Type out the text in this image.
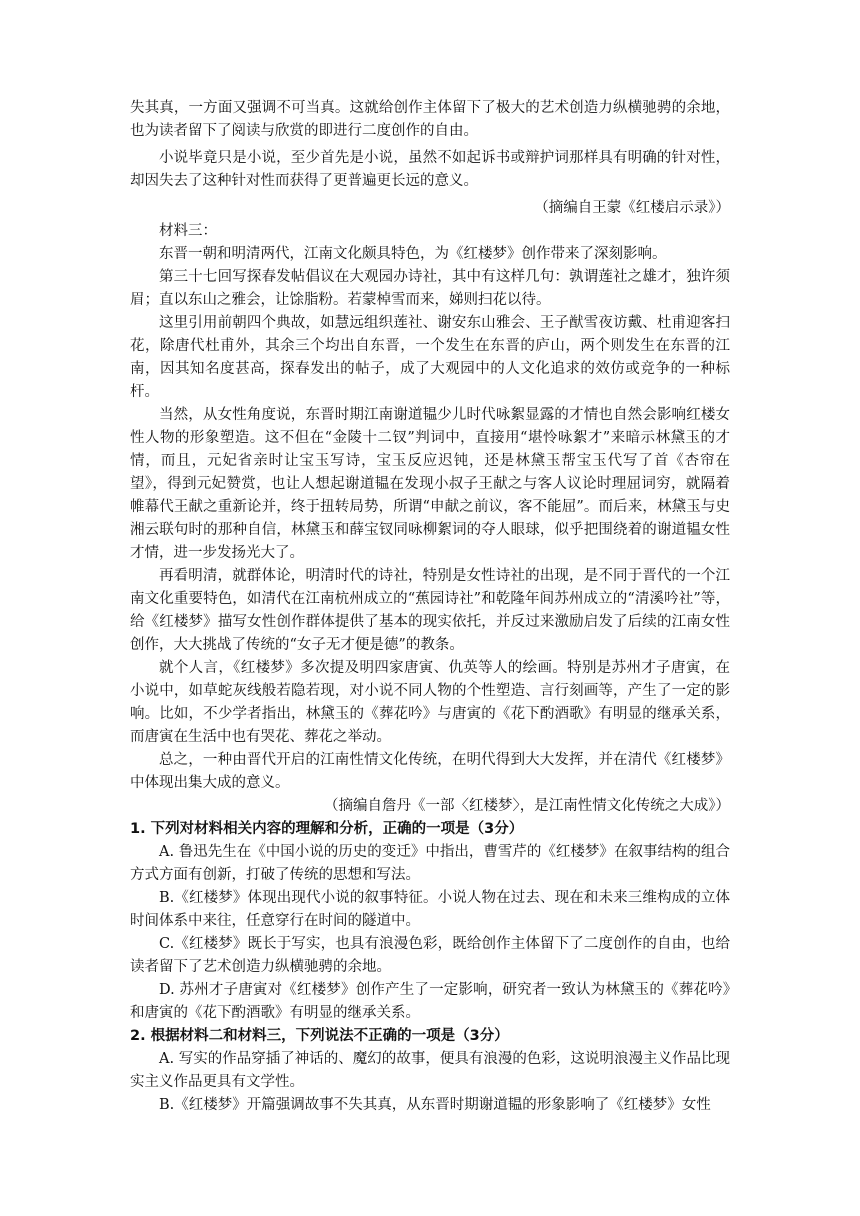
失其真，一方面又强调不可当真。这就给创作主体留下了极大的艺术创造力纵横驰骋的余地，也为读者留下了阅读与欣赏的即进行二度创作的自由。

小说毕竟只是小说，至少首先是小说，虽然不如起诉书或辩护词那样具有明确的针对性，却因失去了这种针对性而获得了更普遍更长远的意义。

（摘编自王蒙《红楼启示录》）

材料三：

东晋一朝和明清两代，江南文化颇具特色，为《红楼梦》创作带来了深刻影响。

第三十七回写探春发帖倡议在大观园办诗社，其中有这样几句：孰谓莲社之雄才，独许须眉；直以东山之雅会，让馀脂粉。若蒙棹雪而来，娣则扫花以待。

这里引用前朝四个典故，如慧远组织莲社、谢安东山雅会、王子猷雪夜访戴、杜甫迎客扫花，除唐代杜甫外，其余三个均出自东晋，一个发生在东晋的庐山，两个则发生在东晋的江南，因其知名度甚高，探春发出的帖子，成了大观园中的人文化追求的效仿或竞争的一种标杆。

当然，从女性角度说，东晋时期江南谢道韫少儿时代咏絮显露的才情也自然会影响红楼女性人物的形象塑造。这不但在“金陵十二钗”判词中，直接用“堪怜咏絮才”来暗示林黛玉的才情，而且，元妃省亲时让宝玉写诗，宝玉反应迟钝，还是林黛玉帮宝玉代写了首《杏帘在望》，得到元妃赞赏，也让人想起谢道韫在发现小叔子王献之与客人议论时理屈词穷，就隔着帷幕代王献之重新论并，终于扭转局势，所谓“申献之前议，客不能屈”。而后来，林黛玉与史湘云联句时的那种自信，林黛玉和薛宝钗同咏柳絮词的夺人眼球，似乎把围绕着的谢道韫女性才情，进一步发扬光大了。

再看明清，就群体论，明清时代的诗社，特别是女性诗社的出现，是不同于晋代的一个江南文化重要特色，如清代在江南杭州成立的“蕉园诗社”和乾隆年间苏州成立的“清溪吟社”等，给《红楼梦》描写女性创作群体提供了基本的现实依托，并反过来激励启发了后续的江南女性创作，大大挑战了传统的“女子无才便是德”的教条。

就个人言，《红楼梦》多次提及明四家唐寅、仇英等人的绘画。特别是苏州才子唐寅，在小说中，如草蛇灰线般若隐若现，对小说不同人物的个性塑造、言行刻画等，产生了一定的影响。比如，不少学者指出，林黛玉的《葬花吟》与唐寅的《花下酌酒歌》有明显的继承关系，而唐寅在生活中也有哭花、葬花之举动。

总之，一种由晋代开启的江南性情文化传统，在明代得到大大发挥，并在清代《红楼梦》中体现出集大成的意义。

（摘编自詹丹《一部〈红楼梦〉，是江南性情文化传统之大成》）

1. 下列对材料相关内容的理解和分析，正确的一项是（3分）

A. 鲁迅先生在《中国小说的历史的变迁》中指出，曹雪芹的《红楼梦》在叙事结构的组合方式方面有创新，打破了传统的思想和写法。

B.《红楼梦》体现出现代小说的叙事特征。小说人物在过去、现在和未来三维构成的立体时间体系中来往，任意穿行在时间的隧道中。

C.《红楼梦》既长于写实，也具有浪漫色彩，既给创作主体留下了二度创作的自由，也给读者留下了艺术创造力纵横驰骋的余地。

D. 苏州才子唐寅对《红楼梦》创作产生了一定影响，研究者一致认为林黛玉的《葬花吟》和唐寅的《花下酌酒歌》有明显的继承关系。

2. 根据材料二和材料三，下列说法不正确的一项是（3分）

A. 写实的作品穿插了神话的、魔幻的故事，便具有浪漫的色彩，这说明浪漫主义作品比现实主义作品更具有文学性。

B.《红楼梦》开篇强调故事不失其真，从东晋时期谢道韫的形象影响了《红楼梦》女性
